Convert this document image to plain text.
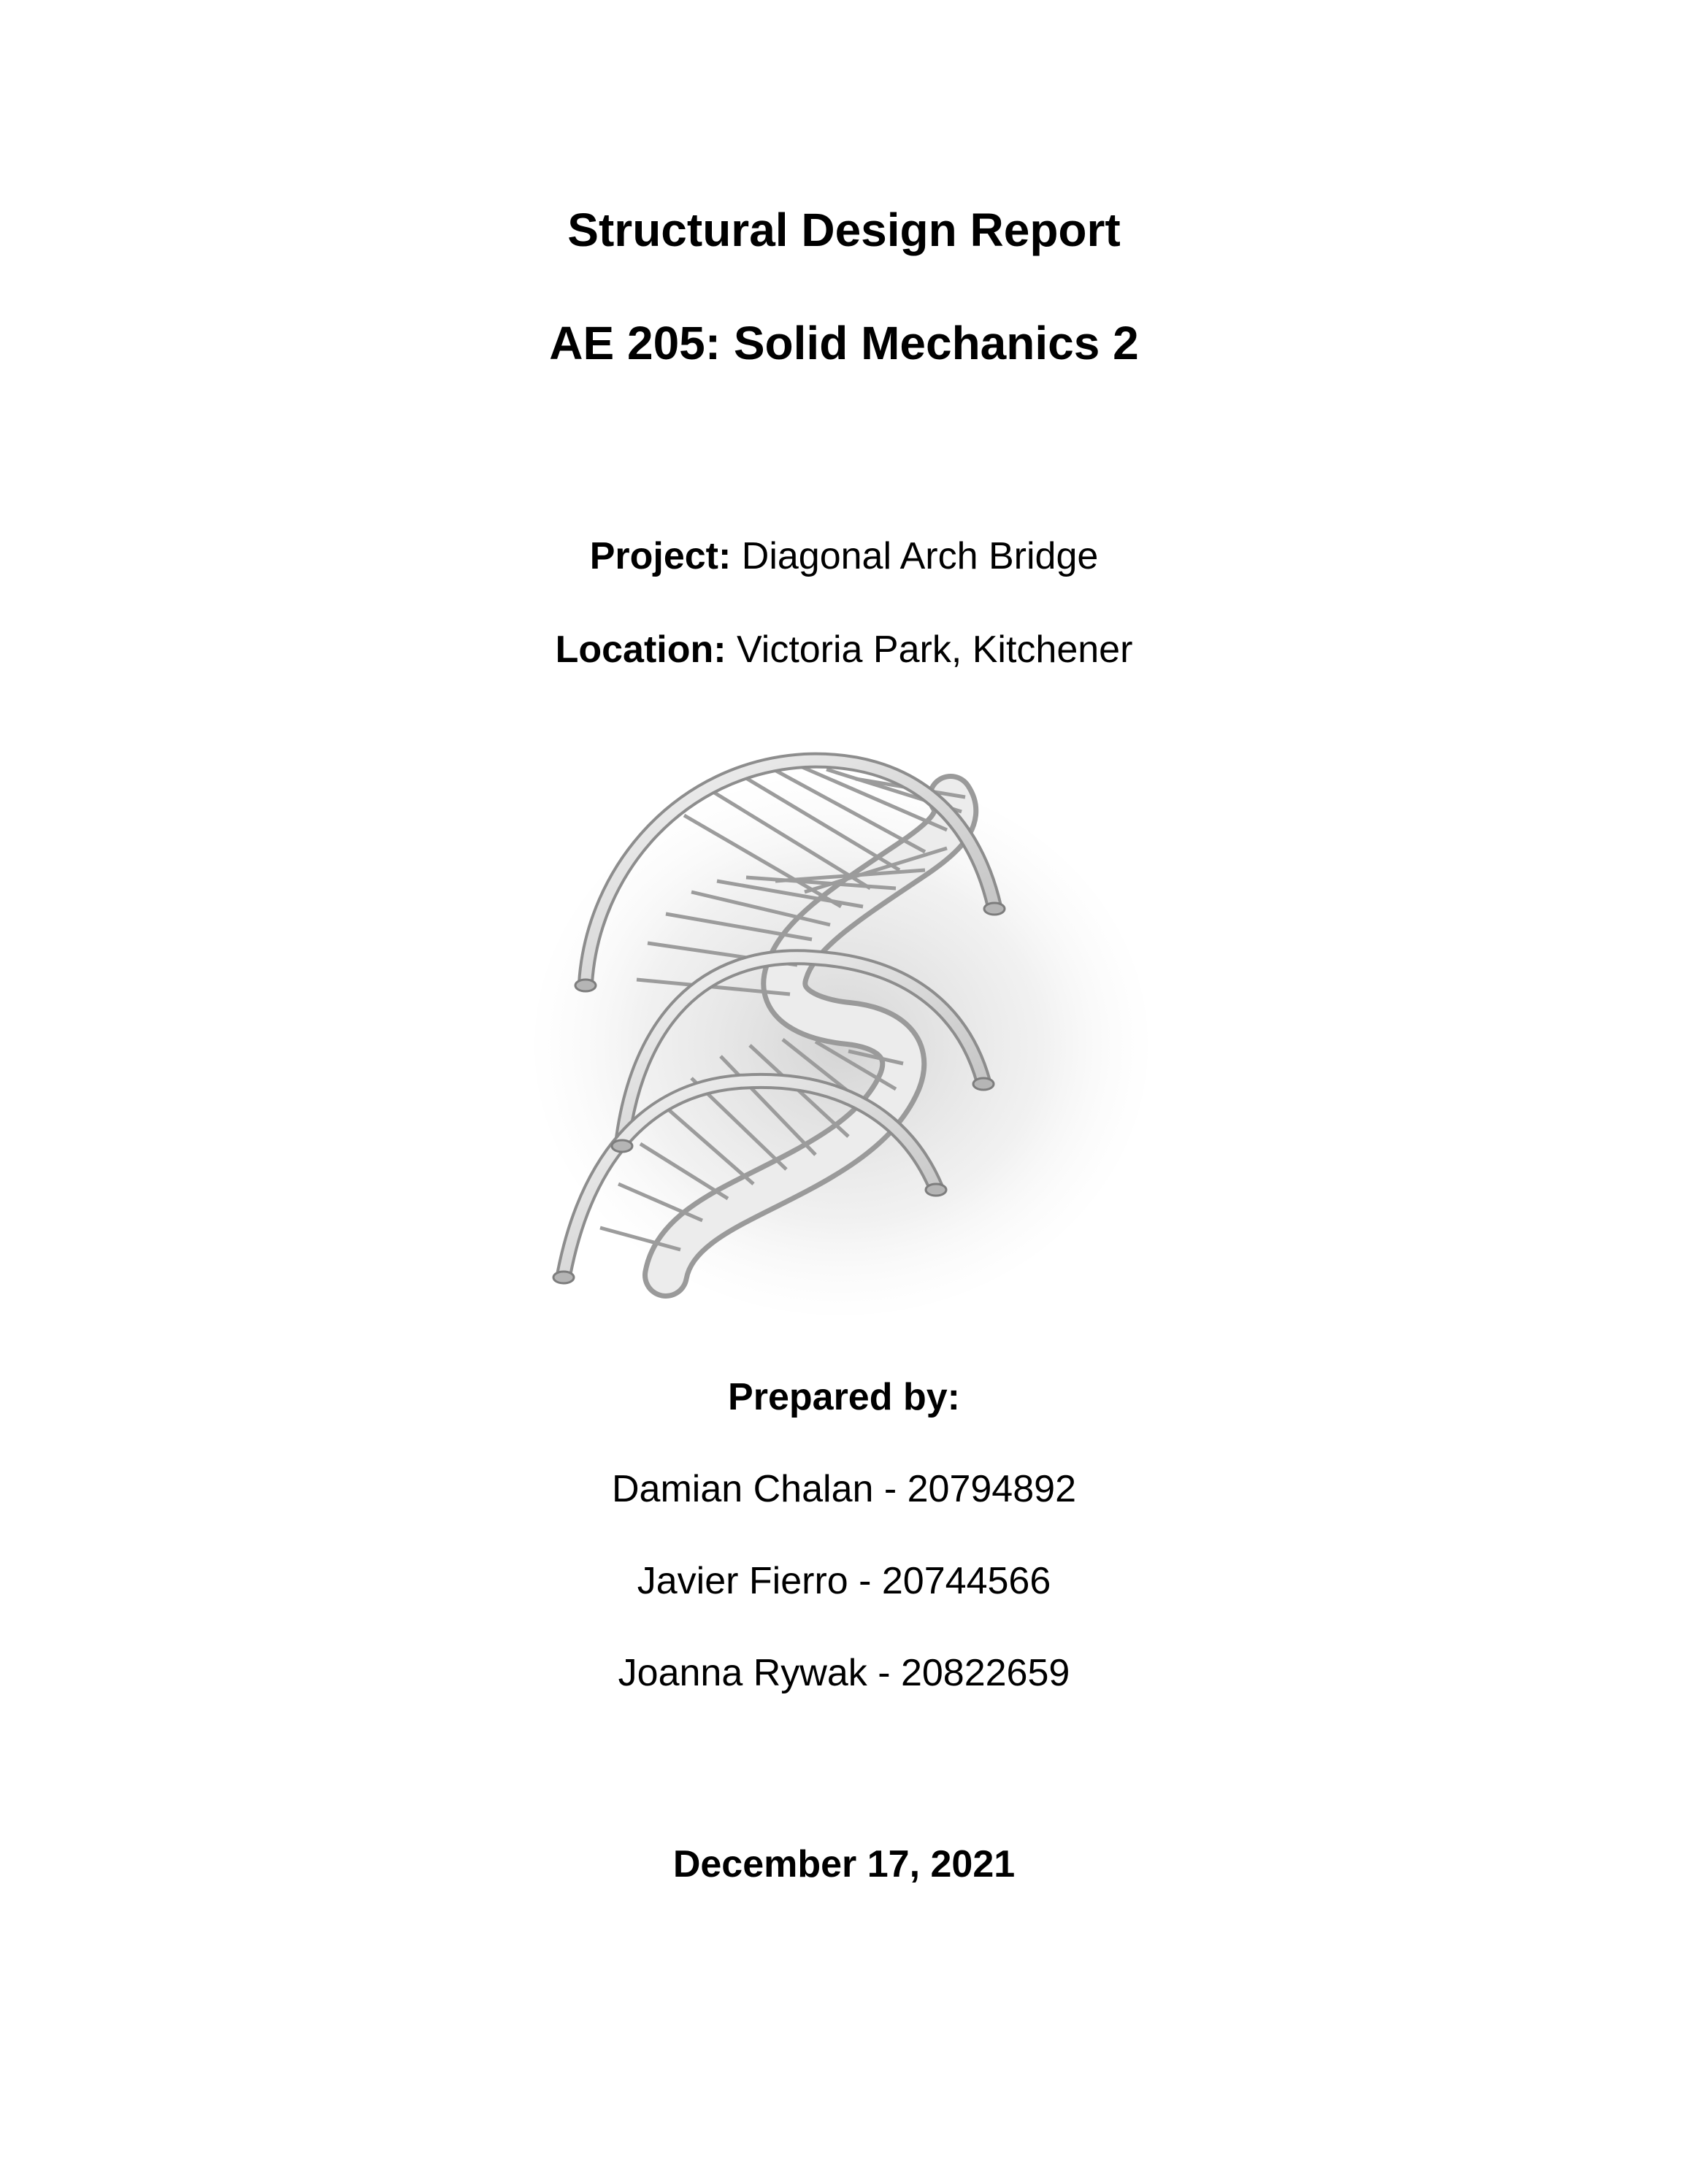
Structural Design Report
AE 205: Solid Mechanics 2
Project: Diagonal Arch Bridge
Location: Victoria Park, Kitchener
Prepared by:
Damian Chalan - 20794892
Javier Fierro - 20744566
Joanna Rywak - 20822659
December 17, 2021
